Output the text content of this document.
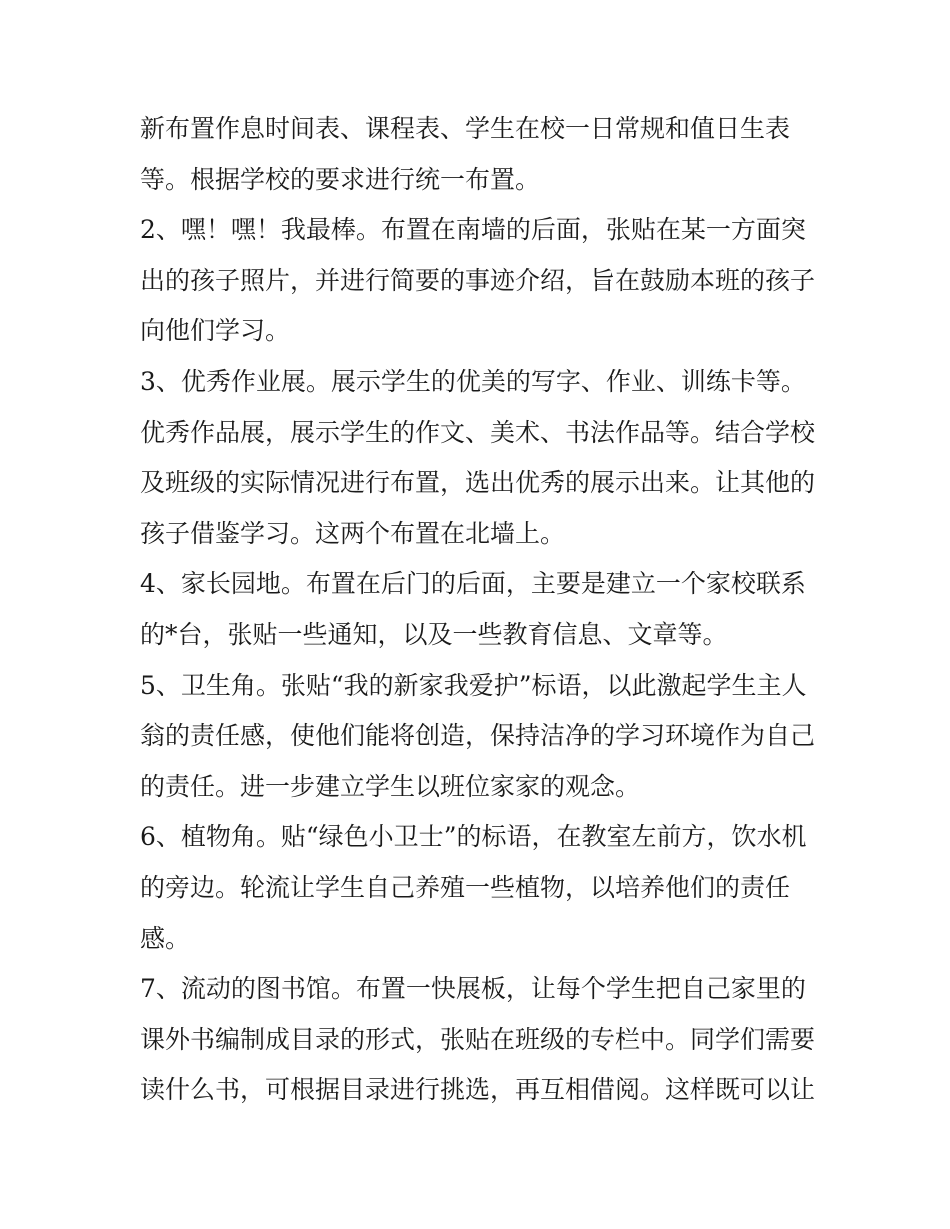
新布置作息时间表、课程表、学生在校一日常规和值日生表
等。根据学校的要求进行统一布置。
2、嘿！嘿！我最棒。布置在南墙的后面，张贴在某一方面突
出的孩子照片，并进行简要的事迹介绍，旨在鼓励本班的孩子
向他们学习。
3、优秀作业展。展示学生的优美的写字、作业、训练卡等。
优秀作品展，展示学生的作文、美术、书法作品等。结合学校
及班级的实际情况进行布置，选出优秀的展示出来。让其他的
孩子借鉴学习。这两个布置在北墙上。
4、家长园地。布置在后门的后面，主要是建立一个家校联系
的*台，张贴一些通知，以及一些教育信息、文章等。
5、卫生角。张贴“我的新家我爱护”标语，以此激起学生主人
翁的责任感，使他们能将创造，保持洁净的学习环境作为自己
的责任。进一步建立学生以班位家家的观念。
6、植物角。贴“绿色小卫士”的标语，在教室左前方，饮水机
的旁边。轮流让学生自己养殖一些植物，以培养他们的责任
感。
7、流动的图书馆。布置一快展板，让每个学生把自己家里的
课外书编制成目录的形式，张贴在班级的专栏中。同学们需要
读什么书，可根据目录进行挑选，再互相借阅。这样既可以让
